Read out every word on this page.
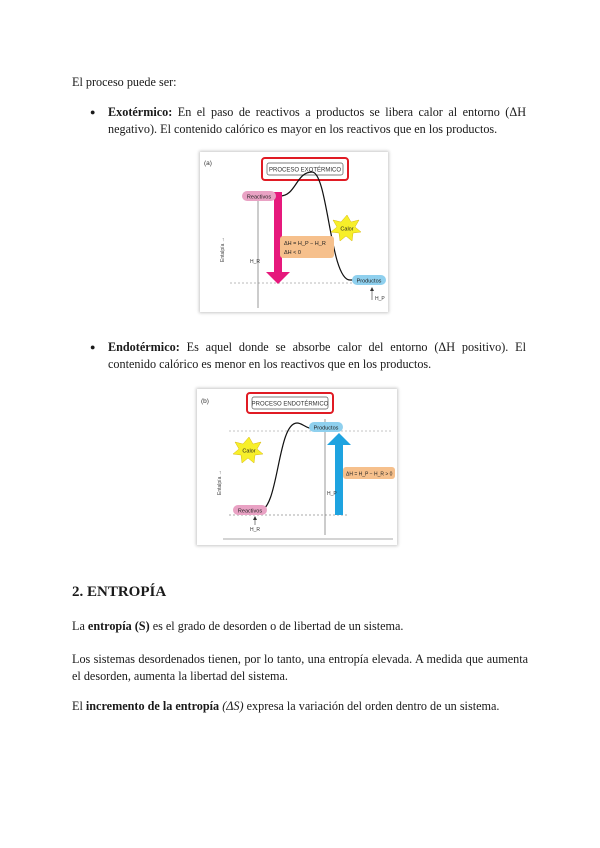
El proceso puede ser:

● Exotérmico: En el paso de reactivos a productos se libera calor al entorno (ΔH negativo). El contenido calórico es mayor en los reactivos que en los productos.

(a)
PROCESO EXOTÉRMICO
Entalpía →
Reactivos
Productos
ΔH = H_P − H_R
ΔH < 0
Calor
H_R
H_P
● Endotérmico: Es aquel donde se absorbe calor del entorno (ΔH positivo). El contenido calórico es menor en los reactivos que en los productos.

(b)	PROCESO ENDOTÉRMICO
Entalpía →
Productos
Reactivos
ΔH = H_P − H_R > 0
Calor
H_P
H_R
2. ENTROPÍA

La entropía (S) es el grado de desorden o de libertad de un sistema.

Los sistemas desordenados tienen, por lo tanto, una entropía elevada. A medida que aumenta el desorden, aumenta la libertad del sistema.

El incremento de la entropía (ΔS) expresa la variación del orden dentro de un sistema.
